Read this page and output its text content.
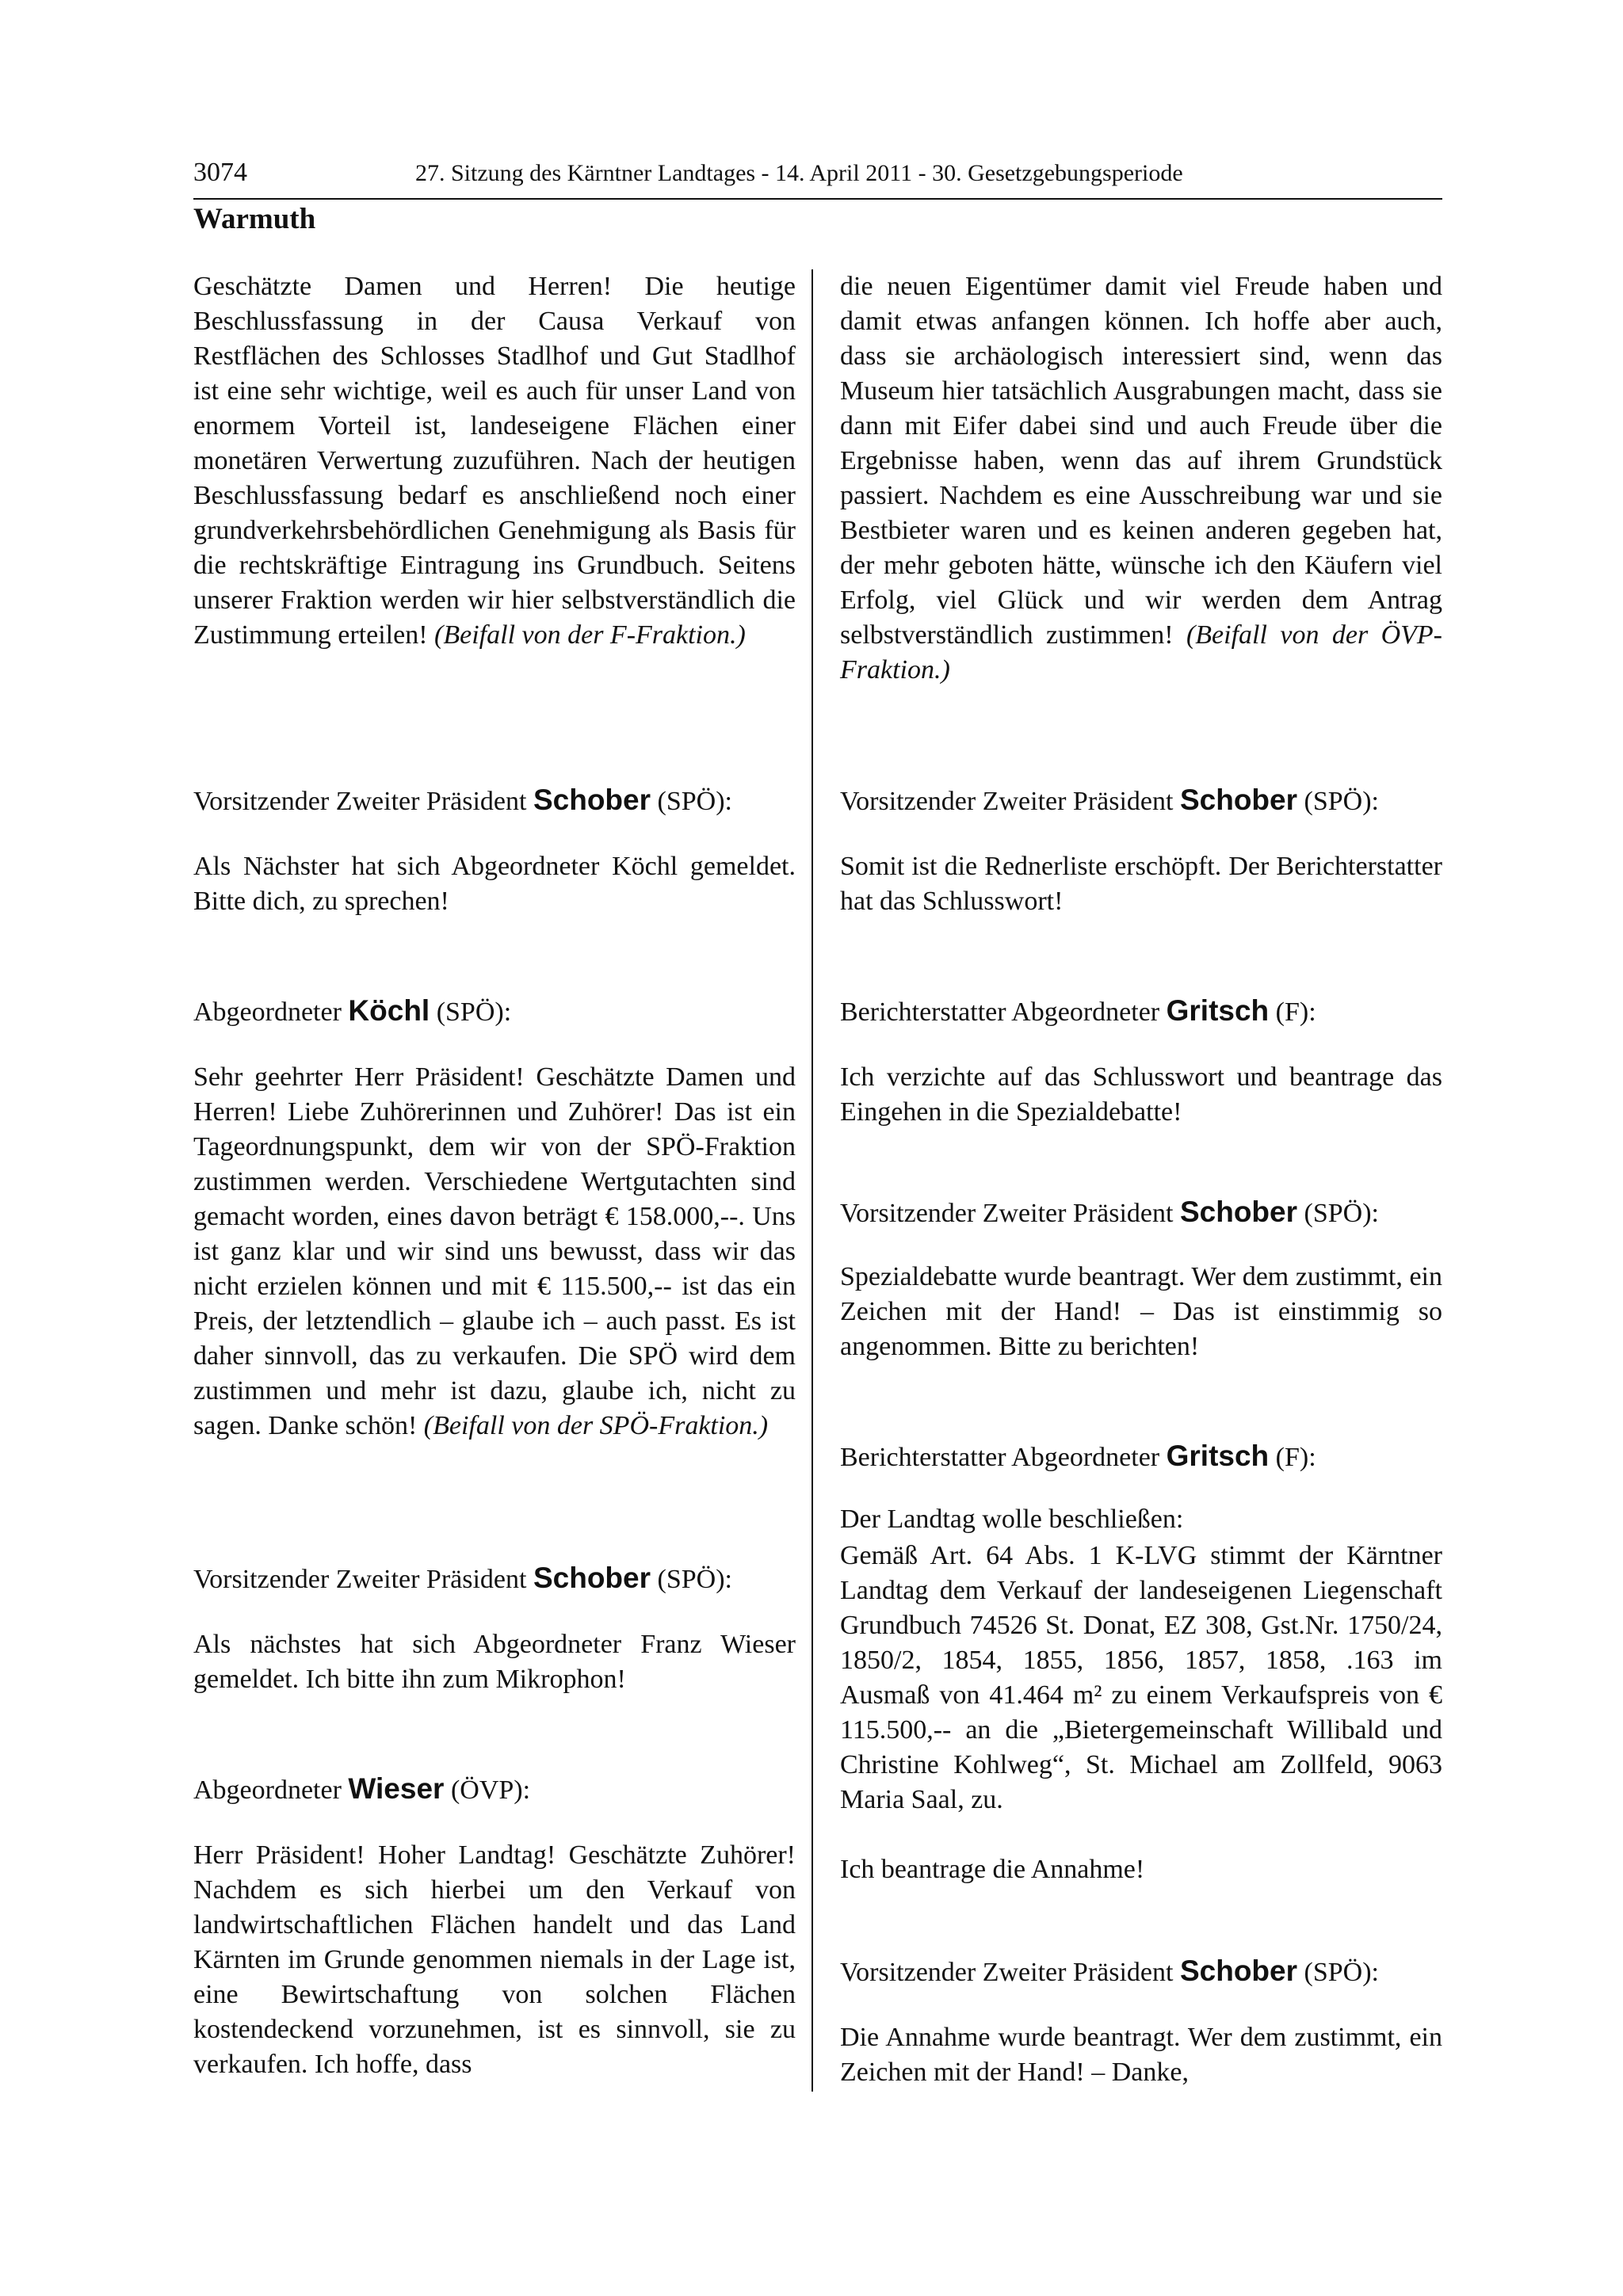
3074	27. Sitzung des Kärntner Landtages - 14. April 2011 - 30. Gesetzgebungsperiode
Warmuth

Geschätzte Damen und Herren! Die heutige Beschlussfassung in der Causa Verkauf von Restflächen des Schlosses Stadlhof und Gut Stadlhof ist eine sehr wichtige, weil es auch für unser Land von enormem Vorteil ist, landeseigene Flächen einer monetären Verwertung zuzuführen. Nach der heutigen Beschlussfassung bedarf es anschließend noch einer grundverkehrsbehördlichen Genehmigung als Basis für die rechtskräftige Eintragung ins Grundbuch. Seitens unserer Fraktion werden wir hier selbstverständlich die Zustimmung erteilen! (Beifall von der F-Fraktion.)

Vorsitzender Zweiter Präsident Schober (SPÖ):

Als Nächster hat sich Abgeordneter Köchl gemeldet. Bitte dich, zu sprechen!

Abgeordneter Köchl (SPÖ):

Sehr geehrter Herr Präsident! Geschätzte Damen und Herren! Liebe Zuhörerinnen und Zuhörer! Das ist ein Tageordnungspunkt, dem wir von der SPÖ-Fraktion zustimmen werden. Verschiedene Wertgutachten sind gemacht worden, eines davon beträgt € 158.000,--. Uns ist ganz klar und wir sind uns bewusst, dass wir das nicht erzielen können und mit € 115.500,-- ist das ein Preis, der letztendlich – glaube ich – auch passt. Es ist daher sinnvoll, das zu verkaufen. Die SPÖ wird dem zustimmen und mehr ist dazu, glaube ich, nicht zu sagen. Danke schön! (Beifall von der SPÖ-Fraktion.)

Vorsitzender Zweiter Präsident Schober (SPÖ):

Als nächstes hat sich Abgeordneter Franz Wieser gemeldet. Ich bitte ihn zum Mikrophon!

Abgeordneter Wieser (ÖVP):

Herr Präsident! Hoher Landtag! Geschätzte Zuhörer! Nachdem es sich hierbei um den Verkauf von landwirtschaftlichen Flächen handelt und das Land Kärnten im Grunde genommen niemals in der Lage ist, eine Bewirtschaftung von solchen Flächen kostendeckend vorzunehmen, ist es sinnvoll, sie zu verkaufen. Ich hoffe, dass

die neuen Eigentümer damit viel Freude haben und damit etwas anfangen können. Ich hoffe aber auch, dass sie archäologisch interessiert sind, wenn das Museum hier tatsächlich Ausgrabungen macht, dass sie dann mit Eifer dabei sind und auch Freude über die Ergebnisse haben, wenn das auf ihrem Grundstück passiert. Nachdem es eine Ausschreibung war und sie Bestbieter waren und es keinen anderen gegeben hat, der mehr geboten hätte, wünsche ich den Käufern viel Erfolg, viel Glück und wir werden dem Antrag selbstverständlich zustimmen! (Beifall von der ÖVP-Fraktion.)

Vorsitzender Zweiter Präsident Schober (SPÖ):

Somit ist die Rednerliste erschöpft. Der Berichterstatter hat das Schlusswort!

Berichterstatter Abgeordneter Gritsch (F):

Ich verzichte auf das Schlusswort und beantrage das Eingehen in die Spezialdebatte!

Vorsitzender Zweiter Präsident Schober (SPÖ):

Spezialdebatte wurde beantragt. Wer dem zustimmt, ein Zeichen mit der Hand! – Das ist einstimmig so angenommen. Bitte zu berichten!

Berichterstatter Abgeordneter Gritsch (F):

Der Landtag wolle beschließen:

Gemäß Art. 64 Abs. 1 K-LVG stimmt der Kärntner Landtag dem Verkauf der landeseigenen Liegenschaft Grundbuch 74526 St. Donat, EZ 308, Gst.Nr. 1750/24, 1850/2, 1854, 1855, 1856, 1857, 1858, .163 im Ausmaß von 41.464 m² zu einem Verkaufspreis von € 115.500,-- an die „Bietergemeinschaft Willibald und Christine Kohlweg“, St. Michael am Zollfeld, 9063 Maria Saal, zu.

Ich beantrage die Annahme!

Vorsitzender Zweiter Präsident Schober (SPÖ):

Die Annahme wurde beantragt. Wer dem zustimmt, ein Zeichen mit der Hand! – Danke,
